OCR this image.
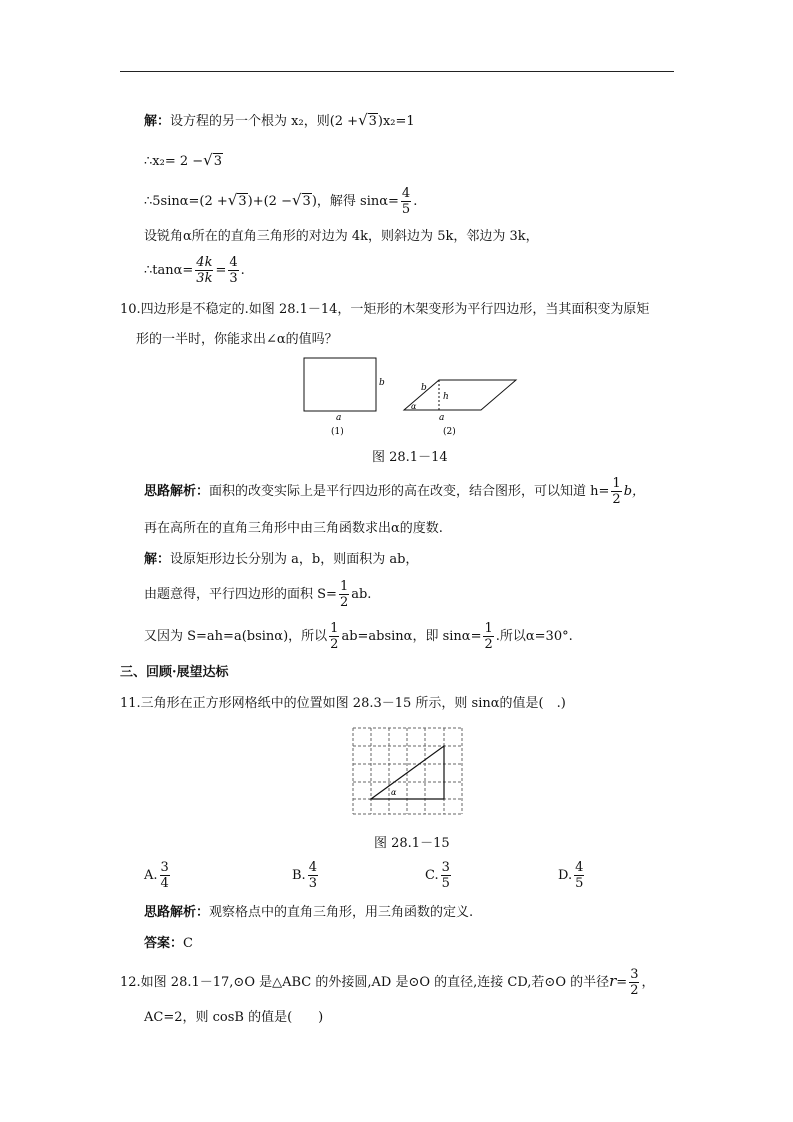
解：设方程的另一个根为 x₂，则(2 +√3)x₂=1
∴x₂= 2 −√3
∴5sinα=(2 +√3)+(2 −√3)，解得 $\sin\alpha= \frac{4}{5}$ .
设锐角α所在的直角三角形的对边为 4k，则斜边为 5k，邻边为 3k，
∴tanα= $\frac{4k}{3k} = \frac{4}{3}$ .
10.四边形是不稳定的.如图 28.1－14，一矩形的木架变形为平行四边形，当其面积变为原矩
形的一半时，你能求出∠α的值吗？
b
a
(1)
b
h
α
a
(2)
图 28.1－14
思路解析：面积的改变实际上是平行四边形的高在改变，结合图形，可以知道 $h= \frac{1}{2}$ b，
再在高所在的直角三角形中由三角函数求出α的度数.
解：设原矩形边长分别为 a，b，则面积为 ab，
由题意得，平行四边形的面积 $S= \frac{1}{2}$ ab.
又因为 S=ah=a(bsinα)，所以 $\frac{1}{2} ab=absin\alpha$，即 $\sin\alpha= \frac{1}{2}$ .所以α=30°.
三、回顾·展望达标
11.三角形在正方形网格纸中的位置如图 28.3－15 所示，则 sinα的值是(　.)
α
图 28.1－15
A. $\frac{3}{4}$	B. $\frac{4}{3}$	C. $\frac{3}{5}$	D. $\frac{4}{5}$
思路解析：观察格点中的直角三角形，用三角函数的定义.
答案：C
12.如图 28.1－17,⊙O 是△ABC 的外接圆,AD 是⊙O 的直径,连接 CD,若⊙O 的半径$r= \frac{3}{2}$ ，
AC=2，则 cosB 的值是(　　)
